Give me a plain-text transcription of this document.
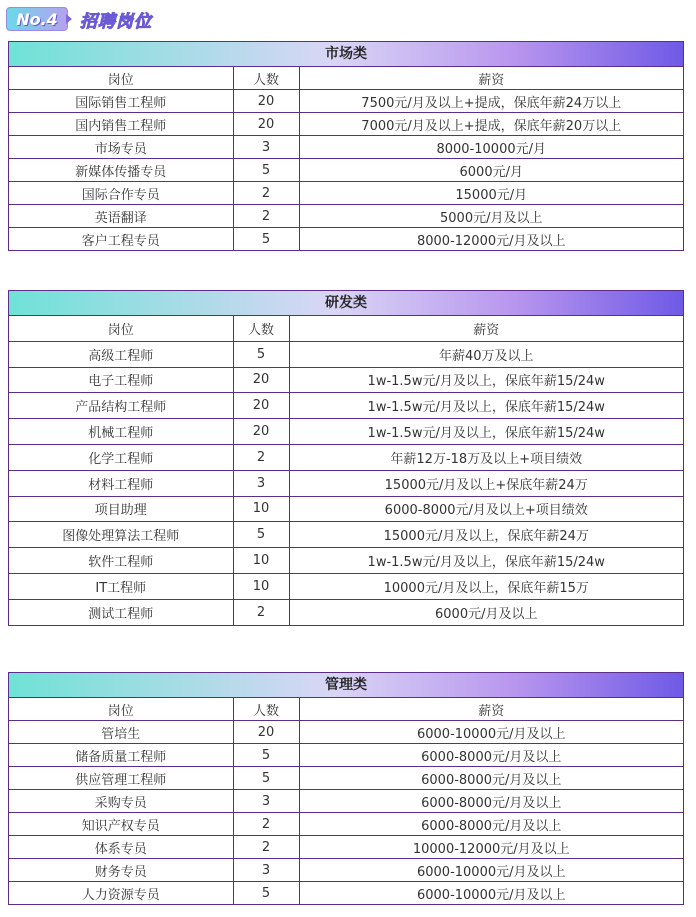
No.4	招聘岗位
市场类
岗位	人数	薪资
国际销售工程师	20	7500元/月及以上+提成，保底年薪24万以上
国内销售工程师	20	7000元/月及以上+提成，保底年薪20万以上
市场专员	3	8000-10000元/月
新媒体传播专员	5	6000元/月
国际合作专员	2	15000元/月
英语翻译	2	5000元/月及以上
客户工程专员	5	8000-12000元/月及以上
研发类
岗位	人数	薪资
高级工程师	5	年薪40万及以上
电子工程师	20	1w-1.5w元/月及以上，保底年薪15/24w
产品结构工程师	20	1w-1.5w元/月及以上，保底年薪15/24w
机械工程师	20	1w-1.5w元/月及以上，保底年薪15/24w
化学工程师	2	年薪12万-18万及以上+项目绩效
材料工程师	3	15000元/月及以上+保底年薪24万
项目助理	10	6000-8000元/月及以上+项目绩效
图像处理算法工程师	5	15000元/月及以上，保底年薪24万
软件工程师	10	1w-1.5w元/月及以上，保底年薪15/24w
IT工程师	10	10000元/月及以上，保底年薪15万
测试工程师	2	6000元/月及以上
管理类
岗位	人数	薪资
管培生	20	6000-10000元/月及以上
储备质量工程师	5	6000-8000元/月及以上
供应管理工程师	5	6000-8000元/月及以上
采购专员	3	6000-8000元/月及以上
知识产权专员	2	6000-8000元/月及以上
体系专员	2	10000-12000元/月及以上
财务专员	3	6000-10000元/月及以上
人力资源专员	5	6000-10000元/月及以上
